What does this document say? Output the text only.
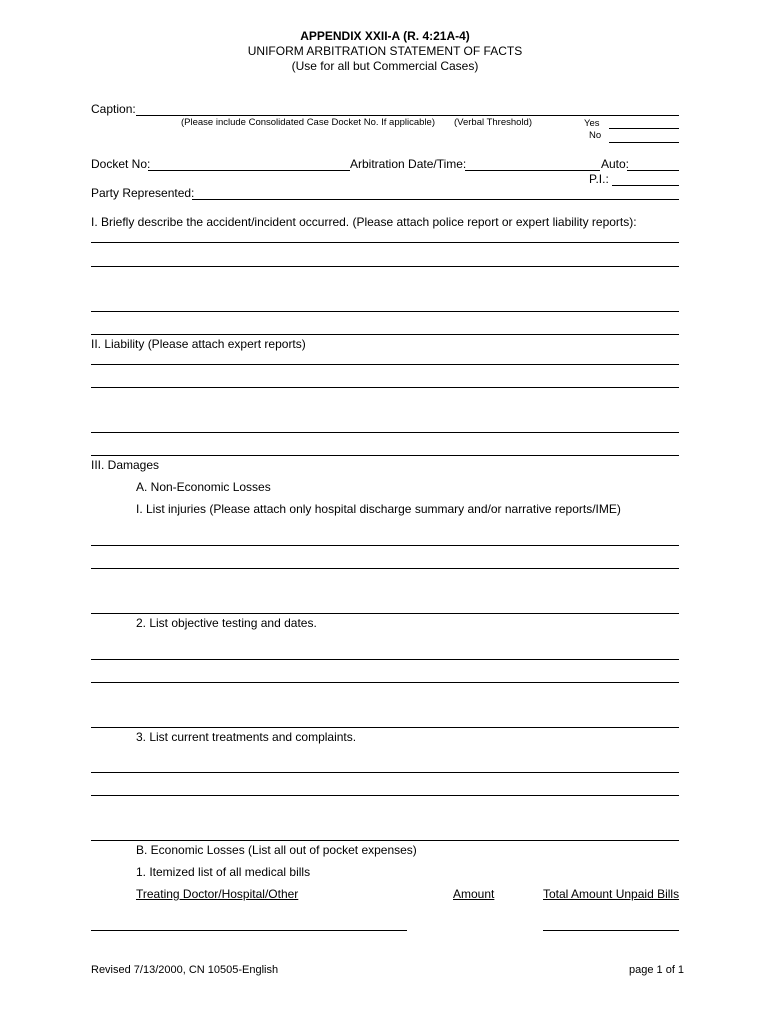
APPENDIX XXII-A (R. 4:21A-4)
UNIFORM ARBITRATION STATEMENT OF FACTS
(Use for all but Commercial Cases)
Caption:
(Please include Consolidated Case Docket No. If applicable) (Verbal Threshold)	Yes
No
Docket No:	Arbitration Date/Time:	Auto:
P.I.:
Party Represented:
I. Briefly describe the accident/incident occurred. (Please attach police report or expert liability reports):
II. Liability (Please attach expert reports)
III. Damages
A. Non-Economic Losses
I. List injuries (Please attach only hospital discharge summary and/or narrative reports/IME)
2. List objective testing and dates.
3. List current treatments and complaints.
B. Economic Losses (List all out of pocket expenses)
1. Itemized list of all medical bills
Treating Doctor/Hospital/Other	Amount	Total Amount Unpaid Bills
Revised 7/13/2000, CN 10505-English	page 1 of 1
